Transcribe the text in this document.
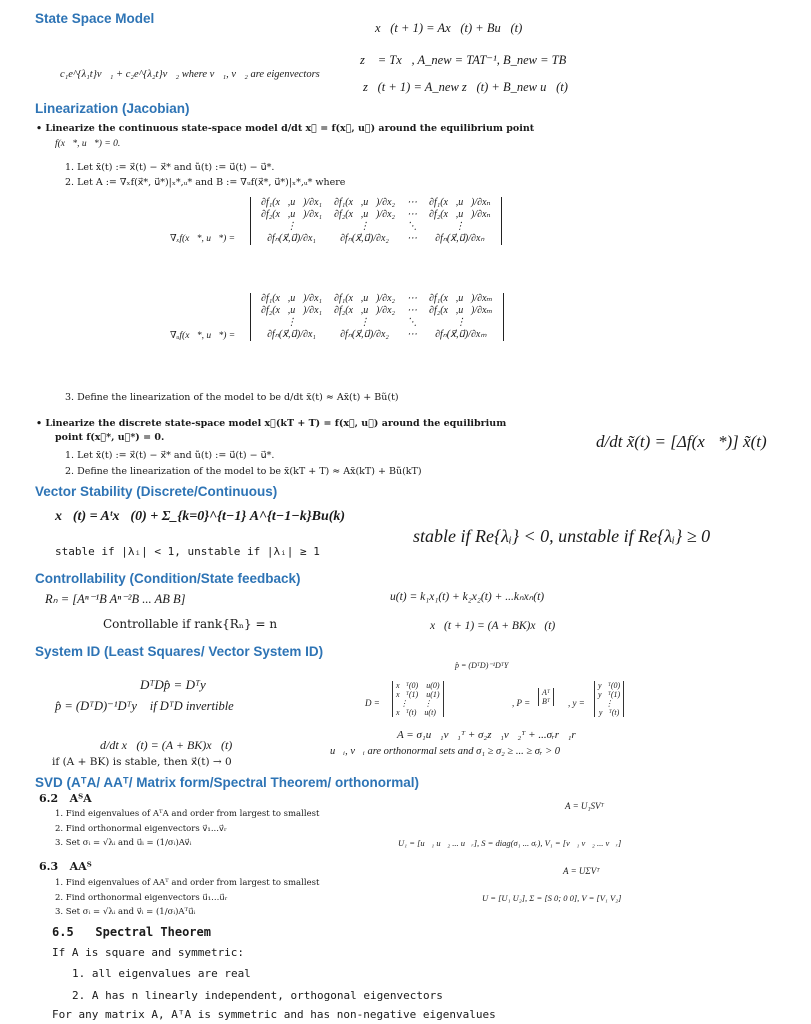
State Space Model
x⃗(t + 1) = Ax⃗(t) + Bu⃗(t)
z⃗ = Tx⃗, A_new = TAT⁻¹, B_new = TB
c₁e^{λ₁t}v⃗₁ + c₂e^{λ₂t}v⃗₂ where v⃗₁, v⃗₂ are eigenvectors
z⃗(t + 1) = A_new z⃗(t) + B_new u⃗(t)
Linearization (Jacobian)
• Linearize the continuous state-space model d/dt x⃗ = f(x⃗, u⃗) around the equilibrium point
f(x⃗*, u⃗*) = 0.
1. Let x̃(t) := x⃗(t) − x⃗* and ũ(t) := u⃗(t) − u⃗*.
2. Let A := ∇ₓf(x⃗*, u⃗*)|ₓ*,ᵤ* and B := ∇ᵤf(x⃗*, u⃗*)|ₓ*,ᵤ* where
∇ₓf(x⃗*, u⃗*) =
∂f₁(x⃗,u⃗)/∂x₁	∂f₁(x⃗,u⃗)/∂x₂	⋯	∂f₁(x⃗,u⃗)/∂xₙ
∂f₂(x⃗,u⃗)/∂x₁	∂f₂(x⃗,u⃗)/∂x₂	⋯	∂f₂(x⃗,u⃗)/∂xₙ
⋮	⋮	⋱	⋮
∂fₙ(x⃗,u⃗)/∂x₁	∂fₙ(x⃗,u⃗)/∂x₂	⋯	∂fₙ(x⃗,u⃗)/∂xₙ
∇ᵤf(x⃗*, u⃗*) =
∂f₁(x⃗,u⃗)/∂x₁	∂f₁(x⃗,u⃗)/∂x₂	⋯	∂f₁(x⃗,u⃗)/∂xₘ
∂f₂(x⃗,u⃗)/∂x₁	∂f₂(x⃗,u⃗)/∂x₂	⋯	∂f₂(x⃗,u⃗)/∂xₘ
⋮	⋮	⋱	⋮
∂fₙ(x⃗,u⃗)/∂x₁	∂fₙ(x⃗,u⃗)/∂x₂	⋯	∂fₙ(x⃗,u⃗)/∂xₘ
3. Define the linearization of the model to be d/dt x̃(t) ≈ Ax̃(t) + Bũ(t)
• Linearize the discrete state-space model x⃗(kT + T) = f(x⃗, u⃗) around the equilibrium
point f(x⃗*, u⃗*) = 0.
1. Let x̃(t) := x⃗(t) − x⃗* and ũ(t) := u⃗(t) − u⃗*.
2. Define the linearization of the model to be x̃(kT + T) ≈ Ax̃(kT) + Bũ(kT)
d/dt x̃(t) = [Δf(x⃗*)] x̃(t)
Vector Stability (Discrete/Continuous)
x⃗(t) = Aᵗx⃗(0) + Σ_{k=0}^{t−1} A^{t−1−k}Bu(k)
stable if |λᵢ| < 1, unstable if |λᵢ| ≥ 1
stable if Re{λᵢ} < 0, unstable if Re{λᵢ} ≥ 0
Controllability (Condition/State feedback)
Rₙ = [Aⁿ⁻¹B Aⁿ⁻²B ... AB B]	u(t) = k₁x₁(t) + k₂x₂(t) + ...kₙxₙ(t)
Controllable if rank{Rₙ} = n	x⃗(t + 1) = (A + BK)x⃗(t)
System ID (Least Squares/ Vector System ID)
p̂ = (DᵀD)⁻¹DᵀY
DᵀDp̂ = Dᵀy⃗
p̂ = (DᵀD)⁻¹Dᵀy⃗ if DᵀD invertible	D =
x⃗ᵀ(0) u(0)
x⃗ᵀ(1) u(1)
⋮ ⋮
x⃗ᵀ(t) u(t)
, P =
Aᵀ
Bᵀ	, y =
y⃗ᵀ(0)
y⃗ᵀ(1)
⋮
y⃗ᵀ(t)
d/dt x⃗(t) = (A + BK)x⃗(t)
A = σ₁u⃗₁v⃗₁ᵀ + σ₂z⃗₁v⃗₂ᵀ + ...σᵣr⃗₁r⃗
u⃗ᵢ, v⃗ᵢ are orthonormal sets and σ₁ ≥ σ₂ ≥ ... ≥ σᵣ > 0
if (A + BK) is stable, then x⃗(t) → 0
SVD (AᵀA/ AAᵀ/ Matrix form/Spectral Theorem/ orthonormal)
6.2 AᵀA
1. Find eigenvalues of AᵀA and order from largest to smallest
2. Find orthonormal eigenvectors v⃗₁...v⃗ᵣ
3. Set σᵢ = √λᵢ and u⃗ᵢ = (1/σᵢ)Av⃗ᵢ
A = U₁SVᵀ
U₁ = [u⃗₁ u⃗₂ ... u⃗ᵣ], S = diag(σ₁ ... σᵣ), V₁ = [v⃗₁ v⃗₂ ... v⃗ᵣ]
A = UΣVᵀ
6.3 AAᵀ
1. Find eigenvalues of AAᵀ and order from largest to smallest
2. Find orthonormal eigenvectors u⃗₁...u⃗ᵣ
3. Set σᵢ = √λᵢ and v⃗ᵢ = (1/σᵢ)Aᵀu⃗ᵢ
U = [U₁ U₂], Σ = [S 0; 0 0], V = [V₁ V₂]
6.5 Spectral Theorem
If A is square and symmetric:
1. all eigenvalues are real
2. A has n linearly independent, orthogonal eigenvectors
For any matrix A, AᵀA is symmetric and has non-negative eigenvalues
